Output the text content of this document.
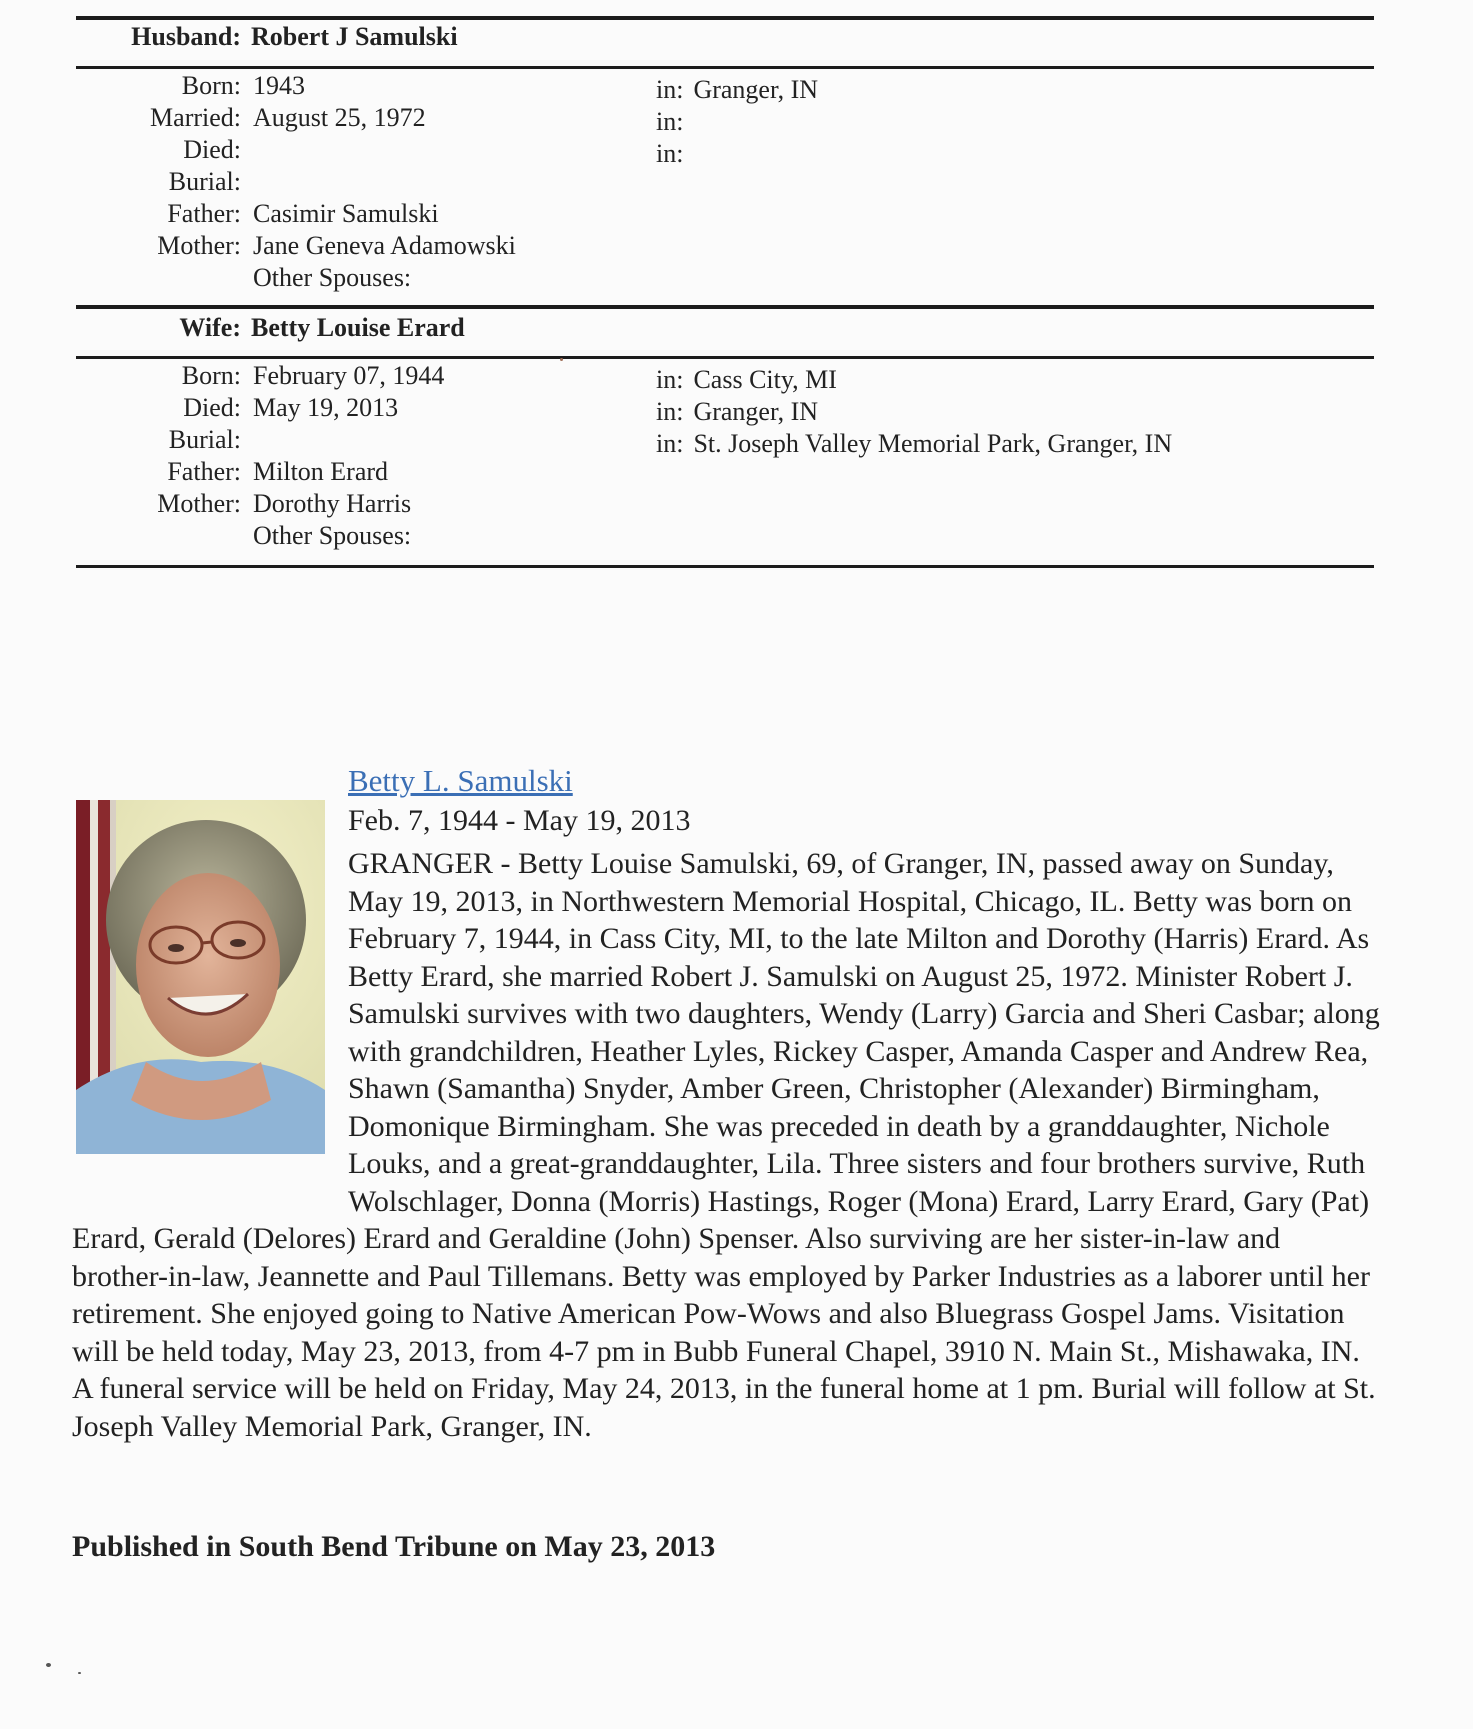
Husband: Robert J Samulski
Born: 1943	in: Granger, IN
Married: August 25, 1972	in:
Died:	in:
Burial:
Father: Casimir Samulski
Mother: Jane Geneva Adamowski
Other Spouses:
Wife: Betty Louise Erard
Born: February 07, 1944	in: Cass City, MI
Died: May 19, 2013	in: Granger, IN
Burial:	in: St. Joseph Valley Memorial Park, Granger, IN
Father: Milton Erard
Mother: Dorothy Harris
Other Spouses:
Betty L. Samulski
Feb. 7, 1944 - May 19, 2013
GRANGER - Betty Louise Samulski, 69, of Granger, IN, passed away on Sunday, May 19, 2013, in Northwestern Memorial Hospital, Chicago, IL. Betty was born on February 7, 1944, in Cass City, MI, to the late Milton and Dorothy (Harris) Erard. As Betty Erard, she married Robert J. Samulski on August 25, 1972. Minister Robert J. Samulski survives with two daughters, Wendy (Larry) Garcia and Sheri Casbar; along with grandchildren, Heather Lyles, Rickey Casper, Amanda Casper and Andrew Rea, Shawn (Samantha) Snyder, Amber Green, Christopher (Alexander) Birmingham, Domonique Birmingham. She was preceded in death by a granddaughter, Nichole Louks, and a great-granddaughter, Lila. Three sisters and four brothers survive, Ruth Wolschlager, Donna (Morris) Hastings, Roger (Mona) Erard, Larry Erard, Gary (Pat) Erard, Gerald (Delores) Erard and Geraldine (John) Spenser. Also surviving are her sister-in-law and brother-in-law, Jeannette and Paul Tillemans. Betty was employed by Parker Industries as a laborer until her retirement. She enjoyed going to Native American Pow-Wows and also Bluegrass Gospel Jams. Visitation will be held today, May 23, 2013, from 4-7 pm in Bubb Funeral Chapel, 3910 N. Main St., Mishawaka, IN. A funeral service will be held on Friday, May 24, 2013, in the funeral home at 1 pm. Burial will follow at St. Joseph Valley Memorial Park, Granger, IN.
Published in South Bend Tribune on May 23, 2013
